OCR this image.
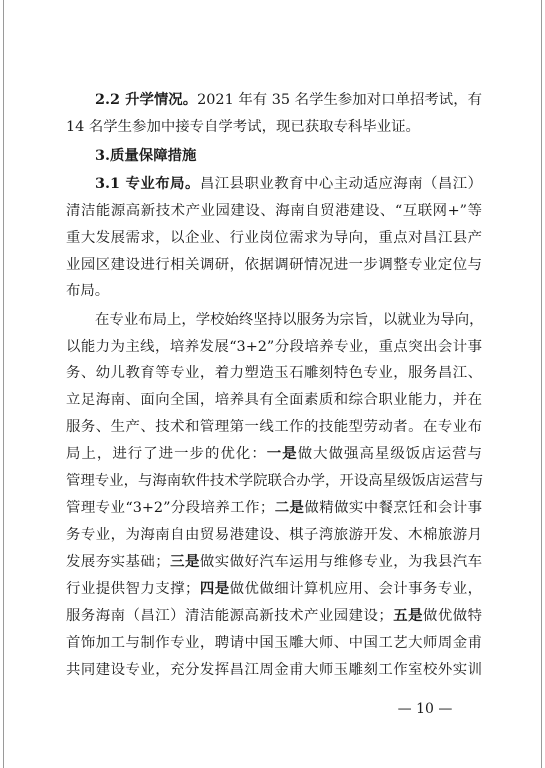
2.2 升学情况。2021 年有 35 名学生参加对口单招考试，有
14 名学生参加中接专自学考试，现已获取专科毕业证。
3.质量保障措施
3.1 专业布局。昌江县职业教育中心主动适应海南（昌江）
清洁能源高新技术产业园建设、海南自贸港建设、“互联网+”等
重大发展需求，以企业、行业岗位需求为导向，重点对昌江县产
业园区建设进行相关调研，依据调研情况进一步调整专业定位与
布局。
在专业布局上，学校始终坚持以服务为宗旨，以就业为导向，
以能力为主线，培养发展“3+2”分段培养专业，重点突出会计事
务、幼儿教育等专业，着力塑造玉石雕刻特色专业，服务昌江、
立足海南、面向全国，培养具有全面素质和综合职业能力，并在
服务、生产、技术和管理第一线工作的技能型劳动者。在专业布
局上，进行了进一步的优化：一是做大做强高星级饭店运营与
管理专业，与海南软件技术学院联合办学，开设高星级饭店运营与
管理专业“3+2”分段培养工作；二是做精做实中餐烹饪和会计事
务专业，为海南自由贸易港建设、棋子湾旅游开发、木棉旅游月
发展夯实基础；三是做实做好汽车运用与维修专业，为我县汽车
行业提供智力支撑；四是做优做细计算机应用、会计事务专业，
服务海南（昌江）清洁能源高新技术产业园建设；五是做优做特
首饰加工与制作专业，聘请中国玉雕大师、中国工艺大师周金甫
共同建设专业，充分发挥昌江周金甫大师玉雕刻工作室校外实训
— 10 —
